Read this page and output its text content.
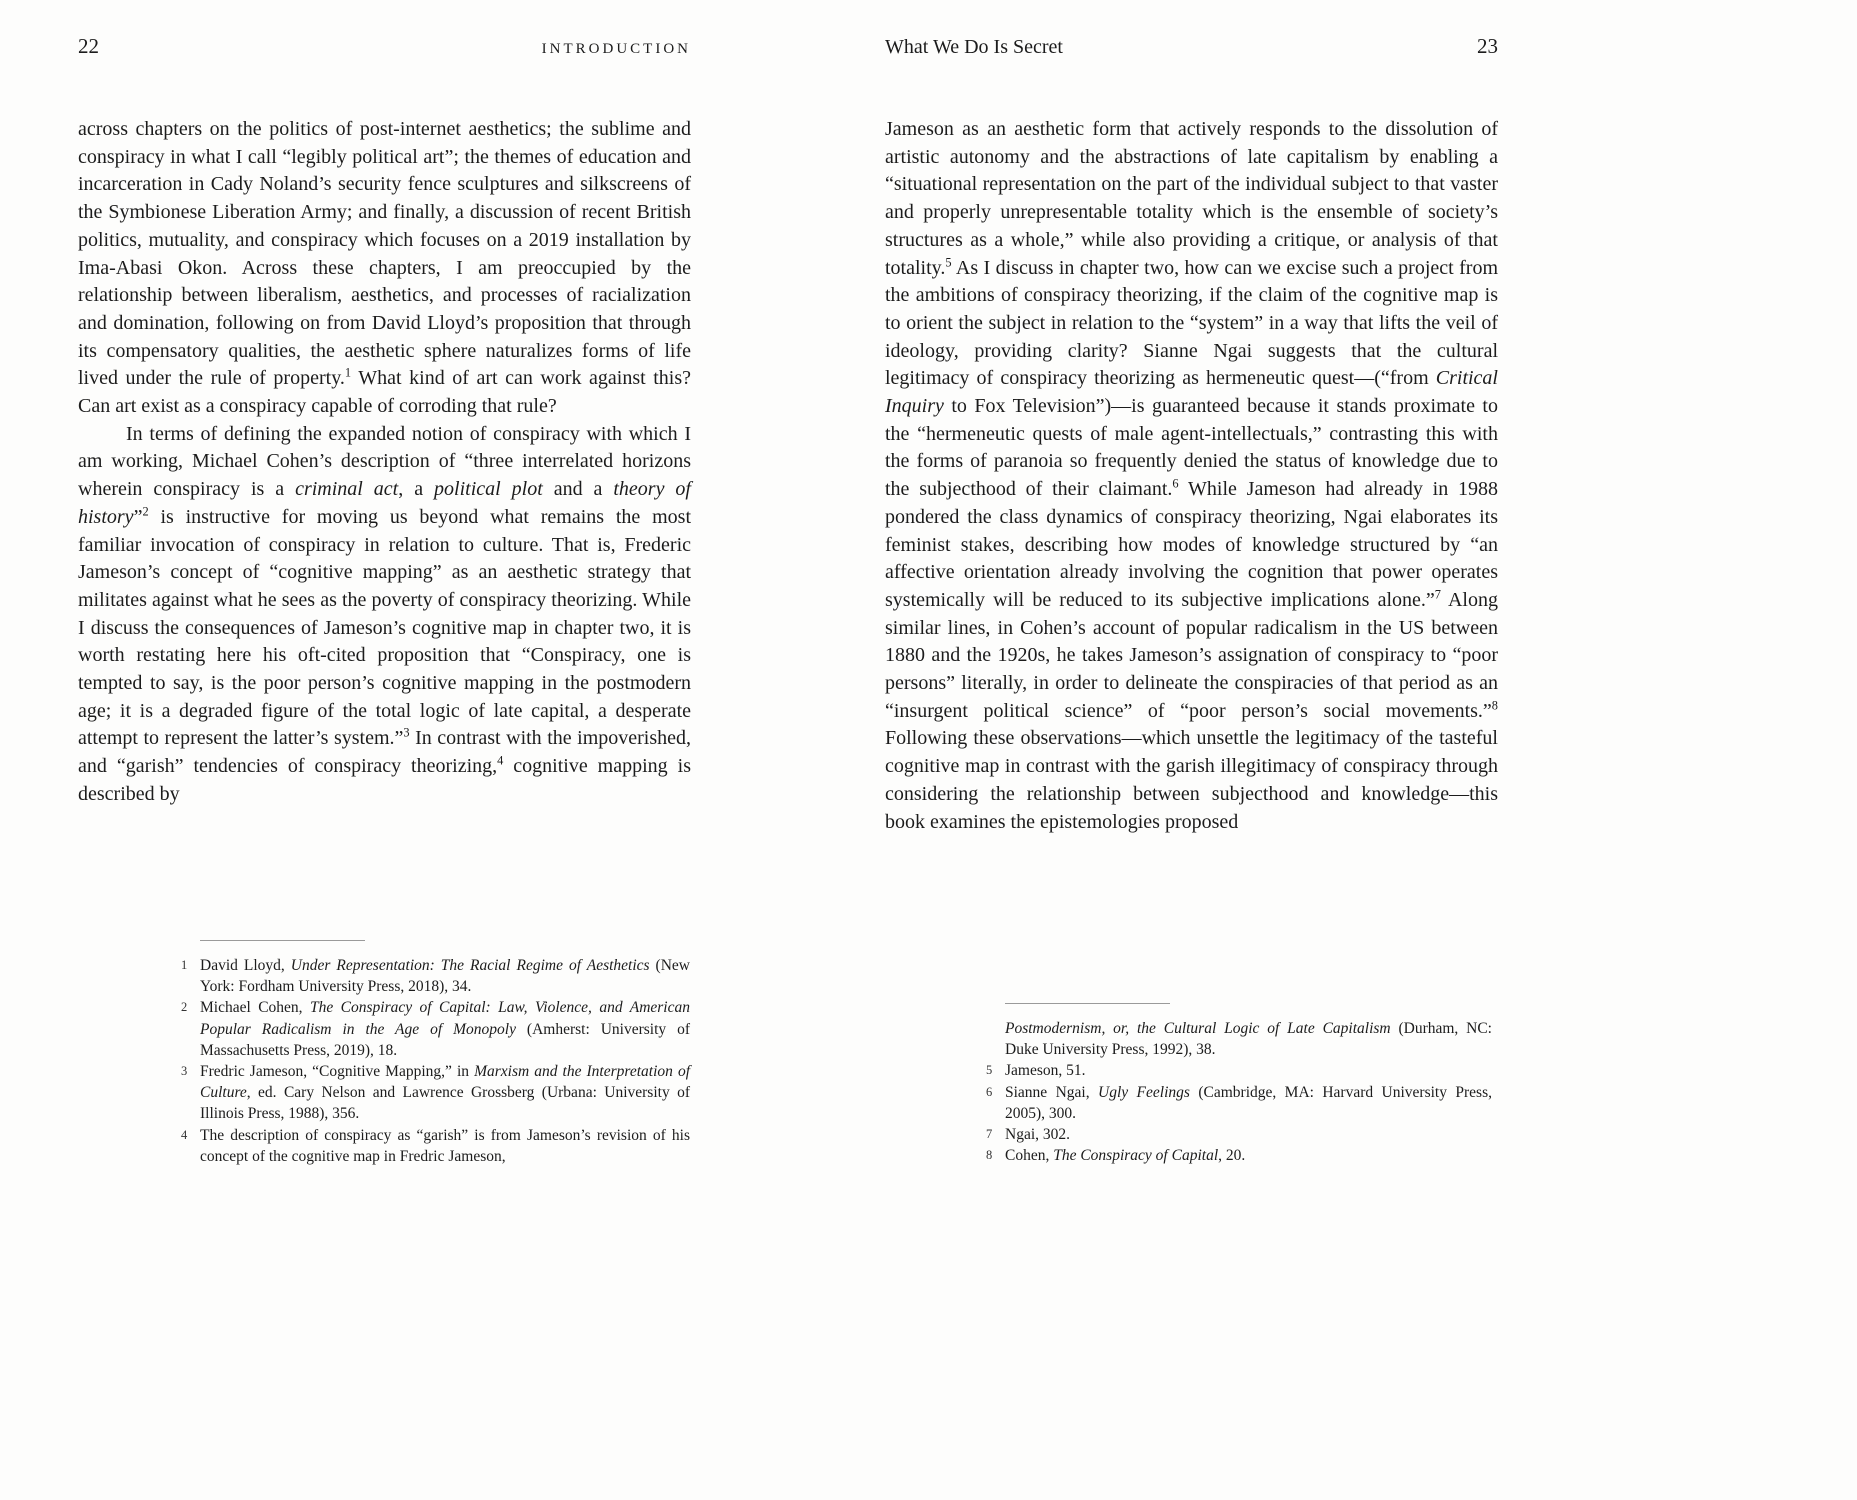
22	INTRODUCTION

across chapters on the politics of post-internet aesthetics; the sublime and conspiracy in what I call “legibly political art”; the themes of education and incarceration in Cady Noland’s security fence sculptures and silkscreens of the Symbionese Liberation Army; and finally, a discussion of recent British politics, mutuality, and conspiracy which focuses on a 2019 installation by Ima-Abasi Okon. Across these chapters, I am preoccupied by the relationship between liberalism, aesthetics, and processes of racialization and domination, following on from David Lloyd’s proposition that through its compensatory qualities, the aesthetic sphere naturalizes forms of life lived under the rule of property.$^1$ What kind of art can work against this? Can art exist as a conspiracy capable of corroding that rule?

In terms of defining the expanded notion of conspiracy with which I am working, Michael Cohen’s description of “three interrelated horizons wherein conspiracy is a criminal act, a political plot and a theory of history”$^2$ is instructive for moving us beyond what remains the most familiar invocation of conspiracy in relation to culture. That is, Frederic Jameson’s concept of “cognitive mapping” as an aesthetic strategy that militates against what he sees as the poverty of conspiracy theorizing. While I discuss the consequences of Jameson’s cognitive map in chapter two, it is worth restating here his oft-cited proposition that “Conspiracy, one is tempted to say, is the poor person’s cognitive mapping in the postmodern age; it is a degraded figure of the total logic of late capital, a desperate attempt to represent the latter’s system.”$^3$ In contrast with the impoverished, and “garish” tendencies of conspiracy theorizing,$^4$ cognitive mapping is described by

1 David Lloyd, Under Representation: The Racial Regime of Aesthetics (New York: Fordham University Press, 2018), 34.
2 Michael Cohen, The Conspiracy of Capital: Law, Violence, and American Popular Radicalism in the Age of Monopoly (Amherst: University of Massachusetts Press, 2019), 18.
3 Fredric Jameson, “Cognitive Mapping,” in Marxism and the Interpretation of Culture, ed. Cary Nelson and Lawrence Grossberg (Urbana: University of Illinois Press, 1988), 356.
4 The description of conspiracy as “garish” is from Jameson’s revision of his concept of the cognitive map in Fredric Jameson,
What We Do Is Secret	23

Jameson as an aesthetic form that actively responds to the dissolution of artistic autonomy and the abstractions of late capitalism by enabling a “situational representation on the part of the individual subject to that vaster and properly unrepresentable totality which is the ensemble of society’s structures as a whole,” while also providing a critique, or analysis of that totality.$^5$ As I discuss in chapter two, how can we excise such a project from the ambitions of conspiracy theorizing, if the claim of the cognitive map is to orient the subject in relation to the “system” in a way that lifts the veil of ideology, providing clarity? Sianne Ngai suggests that the cultural legitimacy of conspiracy theorizing as hermeneutic quest—(“from Critical Inquiry to Fox Television”)—is guaranteed because it stands proximate to the “hermeneutic quests of male agent-intellectuals,” contrasting this with the forms of paranoia so frequently denied the status of knowledge due to the subjecthood of their claimant.$^6$ While Jameson had already in 1988 pondered the class dynamics of conspiracy theorizing, Ngai elaborates its feminist stakes, describing how modes of knowledge structured by “an affective orientation already involving the cognition that power operates systemically will be reduced to its subjective implications alone.”$^7$ Along similar lines, in Cohen’s account of popular radicalism in the US between 1880 and the 1920s, he takes Jameson’s assignation of conspiracy to “poor persons” literally, in order to delineate the conspiracies of that period as an “insurgent political science” of “poor person’s social movements.”$^8$ Following these observations—which unsettle the legitimacy of the tasteful cognitive map in contrast with the garish illegitimacy of conspiracy through considering the relationship between subjecthood and knowledge—this book examines the epistemologies proposed

Postmodernism, or, the Cultural Logic of Late Capitalism (Durham, NC: Duke University Press, 1992), 38.
5 Jameson, 51.
6 Sianne Ngai, Ugly Feelings (Cambridge, MA: Harvard University Press, 2005), 300.
7 Ngai, 302.
8 Cohen, The Conspiracy of Capital, 20.
